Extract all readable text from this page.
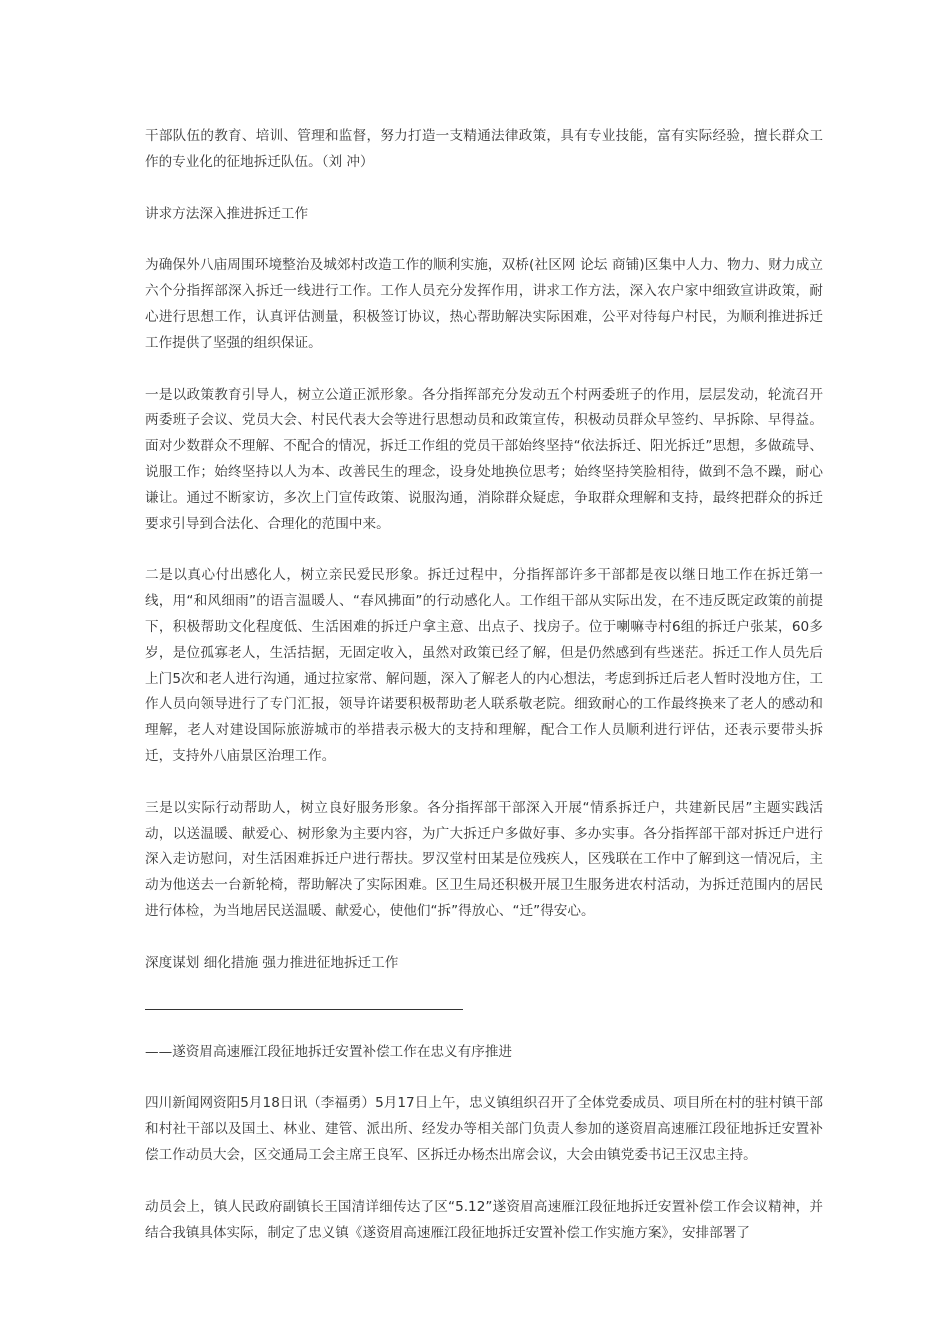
干部队伍的教育、培训、管理和监督，努力打造一支精通法律政策，具有专业技能，富有实际经验，擅长群众工作的专业化的征地拆迁队伍。（刘 冲）

讲求方法深入推进拆迁工作

为确保外八庙周围环境整治及城郊村改造工作的顺利实施，双桥(社区网 论坛 商铺)区集中人力、物力、财力成立六个分指挥部深入拆迁一线进行工作。工作人员充分发挥作用，讲求工作方法，深入农户家中细致宣讲政策，耐心进行思想工作，认真评估测量，积极签订协议，热心帮助解决实际困难，公平对待每户村民，为顺利推进拆迁工作提供了坚强的组织保证。

一是以政策教育引导人，树立公道正派形象。各分指挥部充分发动五个村两委班子的作用，层层发动，轮流召开两委班子会议、党员大会、村民代表大会等进行思想动员和政策宣传，积极动员群众早签约、早拆除、早得益。面对少数群众不理解、不配合的情况，拆迁工作组的党员干部始终坚持“依法拆迁、阳光拆迁”思想，多做疏导、说服工作；始终坚持以人为本、改善民生的理念，设身处地换位思考；始终坚持笑脸相待，做到不急不躁，耐心谦让。通过不断家访，多次上门宣传政策、说服沟通，消除群众疑虑，争取群众理解和支持，最终把群众的拆迁要求引导到合法化、合理化的范围中来。

二是以真心付出感化人，树立亲民爱民形象。拆迁过程中，分指挥部许多干部都是夜以继日地工作在拆迁第一线，用“和风细雨”的语言温暖人、“春风拂面”的行动感化人。工作组干部从实际出发，在不违反既定政策的前提下，积极帮助文化程度低、生活困难的拆迁户拿主意、出点子、找房子。位于喇嘛寺村6组的拆迁户张某，60多岁，是位孤寡老人，生活拮据，无固定收入，虽然对政策已经了解，但是仍然感到有些迷茫。拆迁工作人员先后上门5次和老人进行沟通，通过拉家常、解问题，深入了解老人的内心想法，考虑到拆迁后老人暂时没地方住，工作人员向领导进行了专门汇报，领导许诺要积极帮助老人联系敬老院。细致耐心的工作最终换来了老人的感动和理解，老人对建设国际旅游城市的举措表示极大的支持和理解，配合工作人员顺利进行评估，还表示要带头拆迁，支持外八庙景区治理工作。

三是以实际行动帮助人，树立良好服务形象。各分指挥部干部深入开展“情系拆迁户，共建新民居”主题实践活动，以送温暖、献爱心、树形象为主要内容，为广大拆迁户多做好事、多办实事。各分指挥部干部对拆迁户进行深入走访慰问，对生活困难拆迁户进行帮扶。罗汉堂村田某是位残疾人，区残联在工作中了解到这一情况后，主动为他送去一台新轮椅，帮助解决了实际困难。区卫生局还积极开展卫生服务进农村活动，为拆迁范围内的居民进行体检，为当地居民送温暖、献爱心，使他们“拆”得放心、“迁”得安心。

深度谋划 细化措施 强力推进征地拆迁工作

——遂资眉高速雁江段征地拆迁安置补偿工作在忠义有序推进

四川新闻网资阳5月18日讯（李福勇）5月17日上午，忠义镇组织召开了全体党委成员、项目所在村的驻村镇干部和村社干部以及国土、林业、建管、派出所、经发办等相关部门负责人参加的遂资眉高速雁江段征地拆迁安置补偿工作动员大会，区交通局工会主席王良军、区拆迁办杨杰出席会议，大会由镇党委书记王汉忠主持。

动员会上，镇人民政府副镇长王国清详细传达了区“5.12”遂资眉高速雁江段征地拆迁安置补偿工作会议精神，并结合我镇具体实际，制定了忠义镇《遂资眉高速雁江段征地拆迁安置补偿工作实施方案》，安排部署了
